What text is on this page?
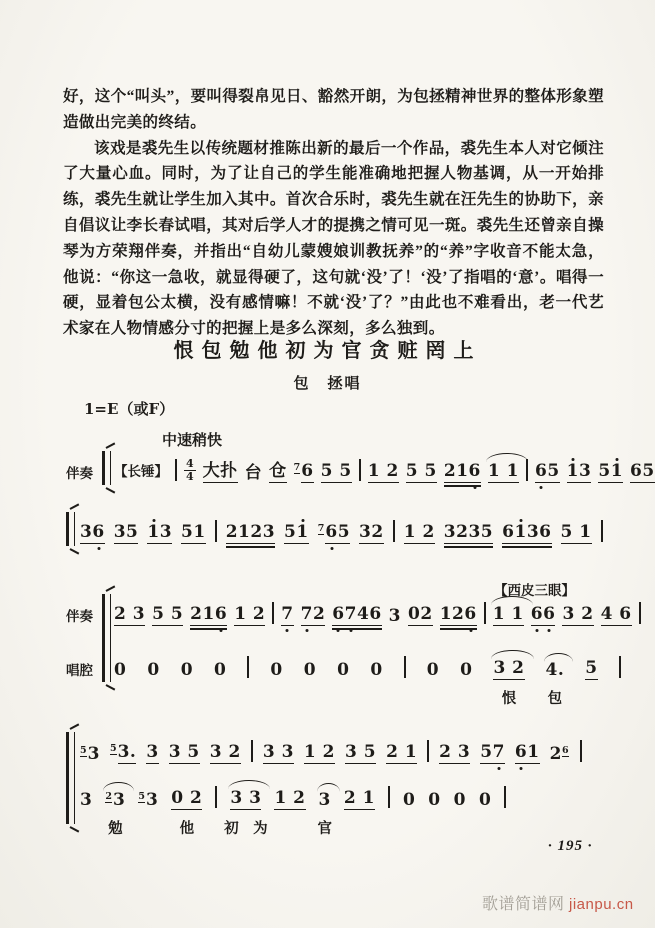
好，这个“叫头”，要叫得裂帛见日、豁然开朗，为包拯精神世界的整体形象塑造做出完美的终结。

该戏是裘先生以传统题材推陈出新的最后一个作品，裘先生本人对它倾注了大量心血。同时，为了让自己的学生能准确地把握人物基调，从一开始排练，裘先生就让学生加入其中。首次合乐时，裘先生就在汪先生的协助下，亲自倡议让李长春试唱，其对后学人才的提携之情可见一斑。裘先生还曾亲自操琴为方荣翔伴奏，并指出“自幼儿蒙嫂娘训教抚养”的“养”字收音不能太急，他说：“你这一急收，就显得硬了，这句就‘没’了！‘没’了指唱的‘意’。唱得一硬，显着包公太横，没有感情嘛！不就‘没’了？”由此也不难看出，老一代艺术家在人物情感分寸的把握上是多么深刻，多么独到。

恨包勉他初为官贪赃罔上
包　拯唱
1=E（或F）
中速稍快
伴奏 【长锤】
4
4 大扑 台 仓 $^7$6 5 5 1 2 5 5 216 1 1 6
5 1
3 51 65
36 35 1
3 51 2123 51 $^7$6
5 32 1 2 3235 61
36 5 1
【西皮三眼】
伴奏 2 3 5 5 216 1 2 7 7
2 6
7
46 3 02 126 1 1 6
6 3 2 4 6
唱腔 0 0 0 0	0 0 0 0	0 0 3 2
恨
4.
包
5
$^5$3 $^5$3. 3 3 5 3 2 3 3 1 2 3 5 2 1 2 3 57 6
1 $2^6$
3 $^2$3
勉
$^5$3 0 2
他
3 3
初　为
1 2 3
官
2 1 0 0 0 0
· 195 ·
歌谱简谱网 jianpu.cn
